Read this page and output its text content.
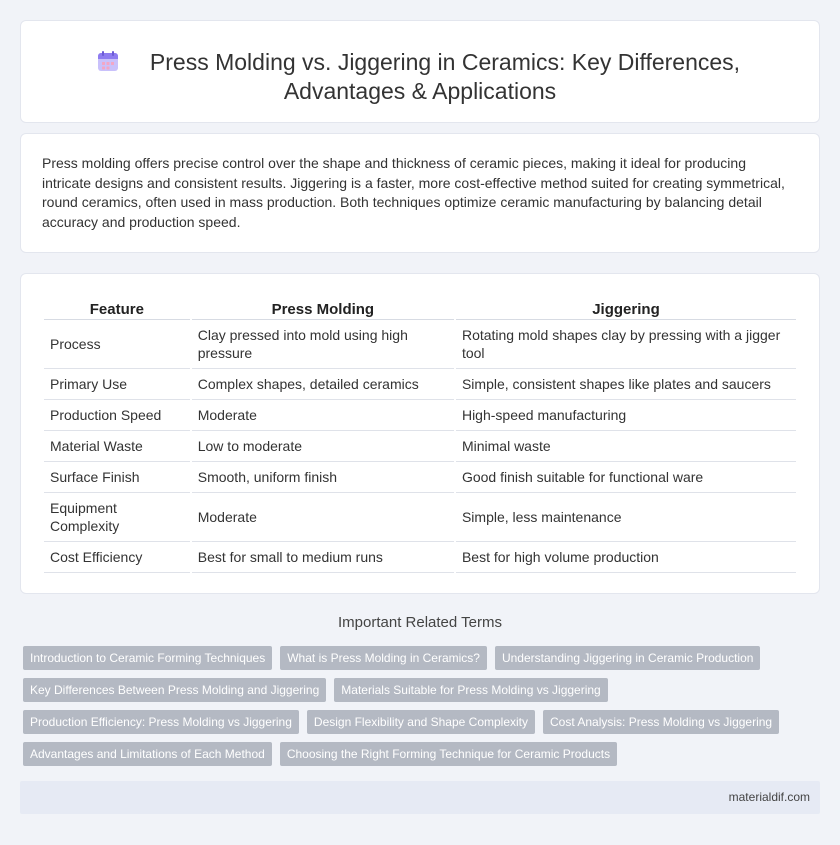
Press Molding vs. Jiggering in Ceramics: Key Differences,
Advantages & Applications

Press molding offers precise control over the shape and thickness of ceramic pieces, making it ideal for producing intricate designs and consistent results. Jiggering is a faster, more cost-effective method suited for creating symmetrical, round ceramics, often used in mass production. Both techniques optimize ceramic manufacturing by balancing detail accuracy and production speed.

Feature	Press Molding	Jiggering
Process	Clay pressed into mold using high pressure	Rotating mold shapes clay by pressing with a jigger tool
Primary Use	Complex shapes, detailed ceramics	Simple, consistent shapes like plates and saucers
Production Speed	Moderate	High-speed manufacturing
Material Waste	Low to moderate	Minimal waste
Surface Finish	Smooth, uniform finish	Good finish suitable for functional ware
Equipment Complexity	Moderate	Simple, less maintenance
Cost Efficiency	Best for small to medium runs	Best for high volume production
Important Related Terms
Introduction to Ceramic Forming Techniques	What is Press Molding in Ceramics?	Understanding Jiggering in Ceramic Production
Key Differences Between Press Molding and Jiggering	Materials Suitable for Press Molding vs Jiggering
Production Efficiency: Press Molding vs Jiggering	Design Flexibility and Shape Complexity	Cost Analysis: Press Molding vs Jiggering
Advantages and Limitations of Each Method	Choosing the Right Forming Technique for Ceramic Products
materialdif.com
